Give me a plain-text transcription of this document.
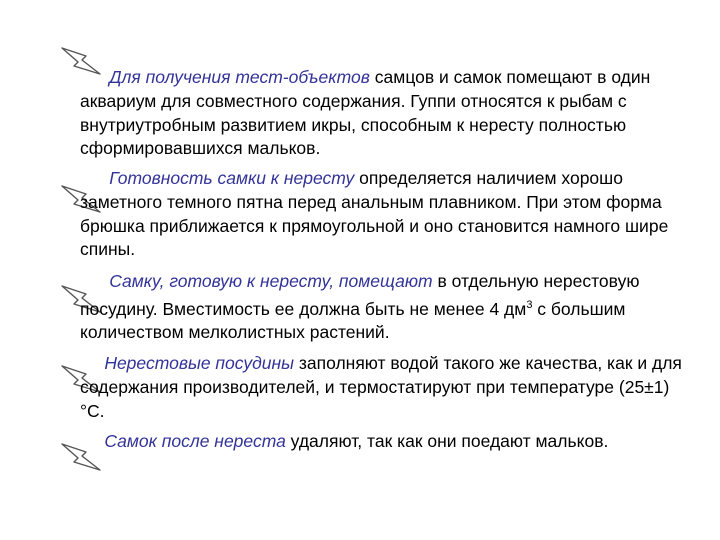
Для получения тест-объектов самцов и самок помещают в один аквариум для совместного содержания. Гуппи относятся к рыбам с внутриутробным развитием икры, способным к нересту полностью сформировавшихся мальков.

Готовность самки к нересту определяется наличием хорошо заметного темного пятна перед анальным плавником. При этом форма брюшка приближается к прямоугольной и оно становится намного шире спины.

Самку, готовую к нересту, помещают в отдельную нерестовую посудину. Вместимость ее должна быть не менее 4 $дм^3$ с большим количеством мелколистных растений.

Нерестовые посудины заполняют водой такого же качества, как и для содержания производителей, и термостатируют при температуре (25±1)°С.

Самок после нереста удаляют, так как они поедают мальков.
